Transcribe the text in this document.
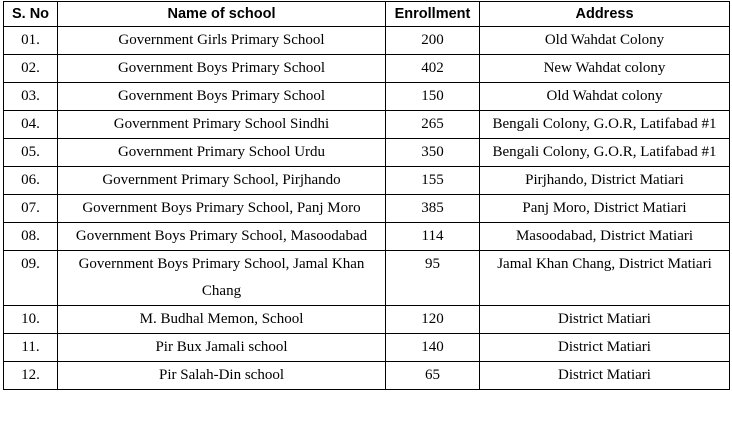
S. No	Name of school	Enrollment	Address
01.	Government Girls Primary School	200	Old Wahdat Colony
02.	Government Boys Primary School	402	New Wahdat colony
03.	Government Boys Primary School	150	Old Wahdat colony
04.	Government Primary School Sindhi	265	Bengali Colony, G.O.R, Latifabad #1
05.	Government Primary School Urdu	350	Bengali Colony, G.O.R, Latifabad #1
06.	Government Primary School, Pirjhando	155	Pirjhando, District Matiari
07.	Government Boys Primary School, Panj Moro	385	Panj Moro, District Matiari
08.	Government Boys Primary School, Masoodabad	114	Masoodabad, District Matiari
09.	Government Boys Primary School, Jamal Khan Chang	95	Jamal Khan Chang, District Matiari
10.	M. Budhal Memon, School	120	District Matiari
11.	Pir Bux Jamali school	140	District Matiari
12.	Pir Salah-Din school	65	District Matiari
